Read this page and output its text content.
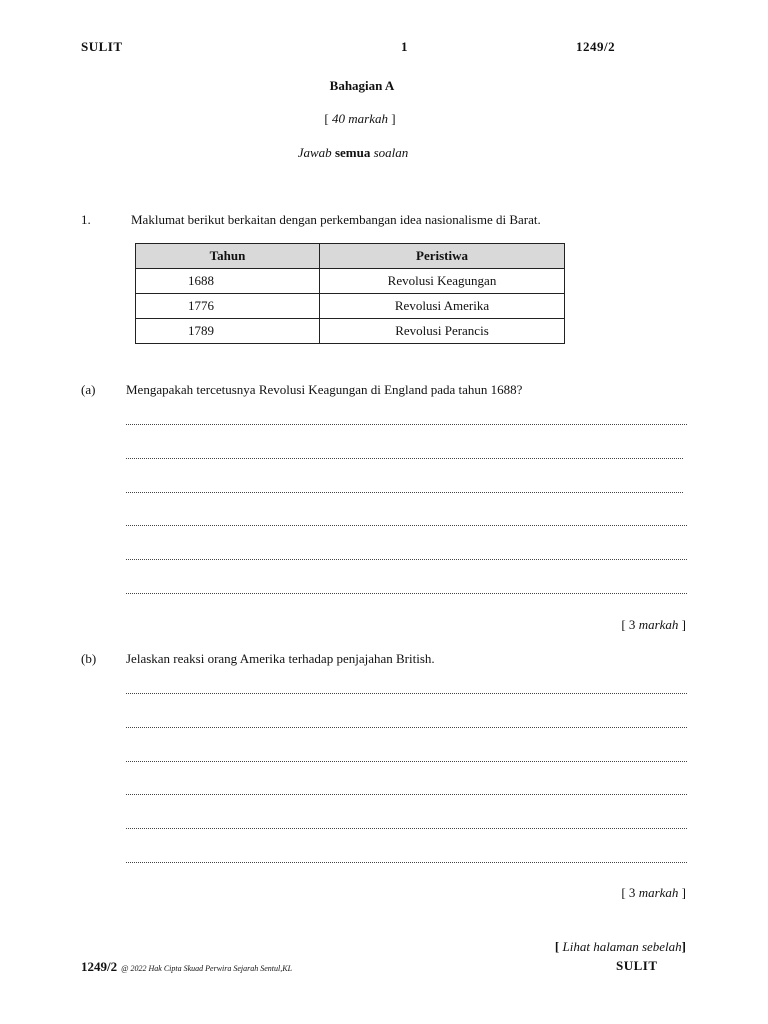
SULIT	1	1249/2
Bahagian A
[ 40 markah ]
Jawab semua soalan
1.	Maklumat berikut berkaitan dengan perkembangan idea nasionalisme di Barat.
Tahun	Peristiwa
1688	Revolusi Keagungan
1776	Revolusi Amerika
1789	Revolusi Perancis
(a) Mengapakah tercetusnya Revolusi Keagungan di England pada tahun 1688?
[ 3 markah ]
(b) Jelaskan reaksi orang Amerika terhadap penjajahan British.
[ 3 markah ]
[ Lihat halaman sebelah]
1249/2 @ 2022 Hak Cipta Skuad Perwira Sejarah Sentul,KL	SULIT
